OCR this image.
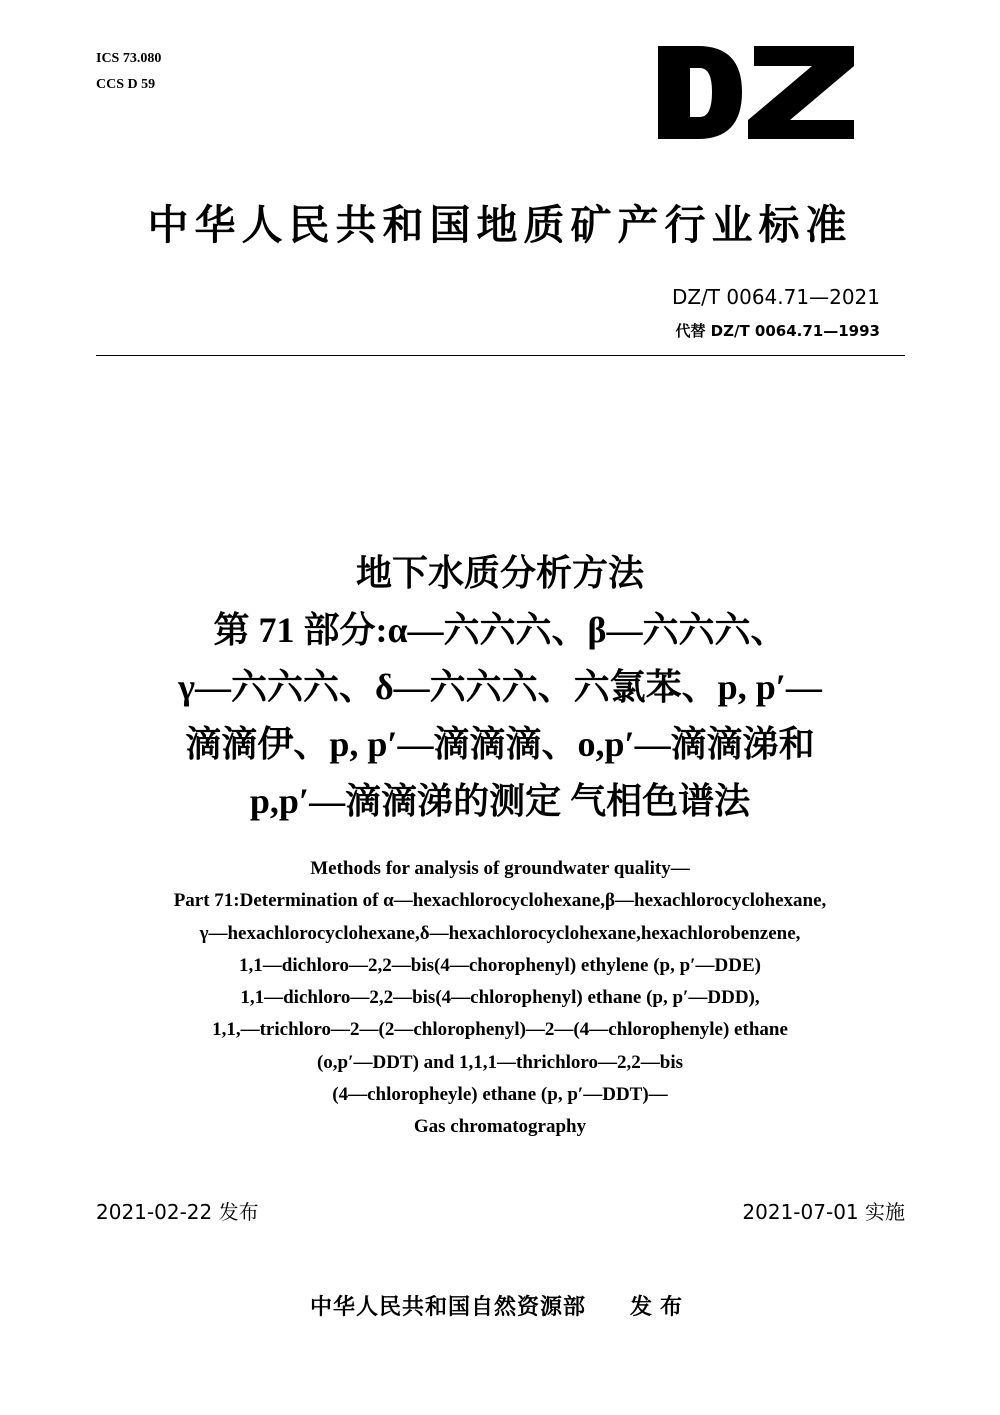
ICS 73.080
CCS D 59
中华人民共和国地质矿产行业标准
DZ/T 0064.71—2021
代替 DZ/T 0064.71—1993
地下水质分析方法
第 71 部分:α—六六六、β—六六六、
γ—六六六、δ—六六六、六氯苯、p, p′—
滴滴伊、p, p′—滴滴滴、o,p′—滴滴涕和
p,p′—滴滴涕的测定 气相色谱法
Methods for analysis of groundwater quality—
Part 71:Determination of α—hexachlorocyclohexane,β—hexachlorocyclohexane,
γ—hexachlorocyclohexane,δ—hexachlorocyclohexane,hexachlorobenzene,
1,1—dichloro—2,2—bis(4—chorophenyl) ethylene (p, p′—DDE)
1,1—dichloro—2,2—bis(4—chlorophenyl) ethane (p, p′—DDD),
1,1,—trichloro—2—(2—chlorophenyl)—2—(4—chlorophenyle) ethane
(o,p′—DDT) and 1,1,1—thrichloro—2,2—bis
(4—chloropheyle) ethane (p, p′—DDT)—
Gas chromatography
2021-02-22 发布	2021-07-01 实施
中华人民共和国自然资源部 发布
